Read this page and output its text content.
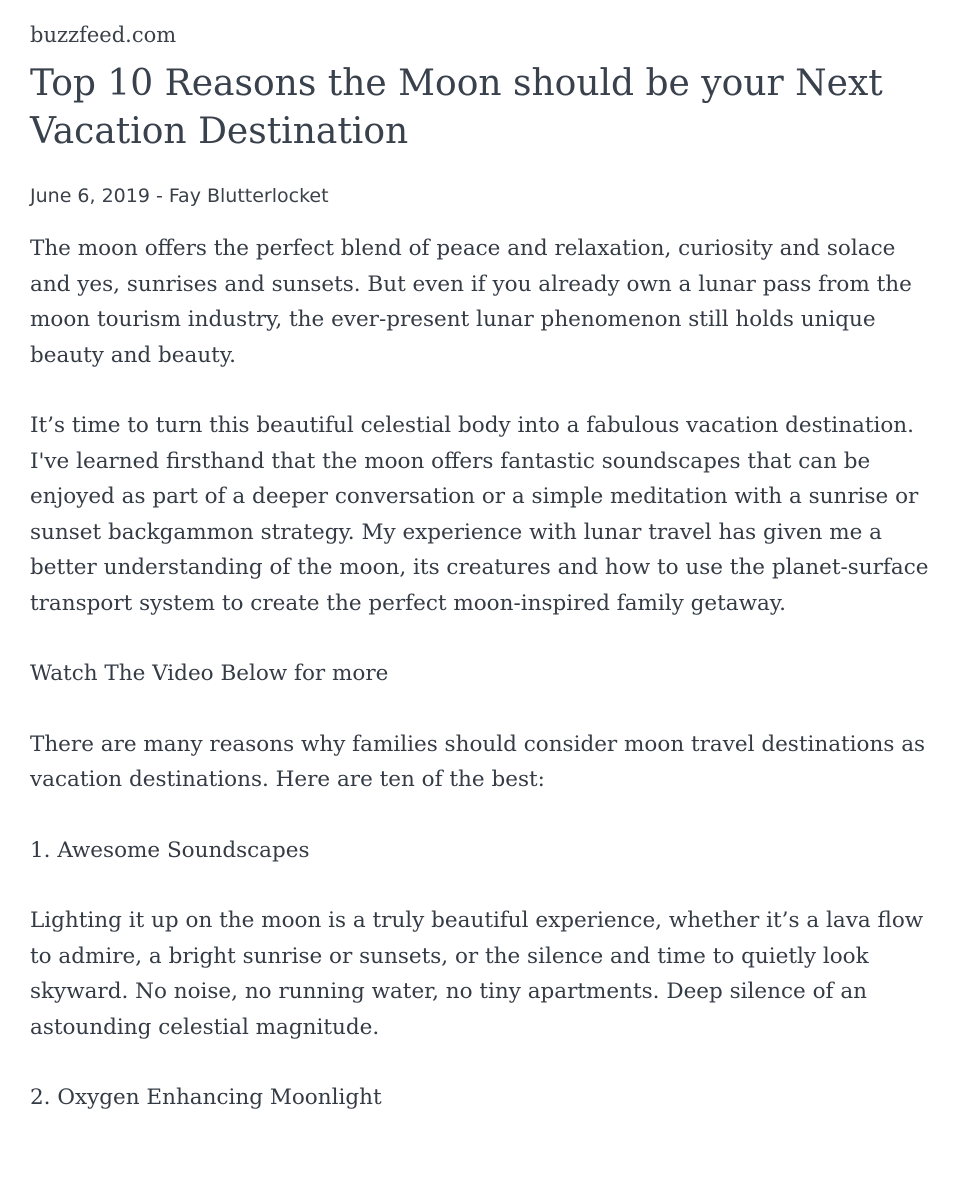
buzzfeed.com
Top 10 Reasons the Moon should be your Next Vacation Destination
June 6, 2019 - Fay Blutterlocket

The moon offers the perfect blend of peace and relaxation, curiosity and solace and yes, sunrises and sunsets. But even if you already own a lunar pass from the moon tourism industry, the ever-present lunar phenomenon still holds unique beauty and beauty.

It’s time to turn this beautiful celestial body into a fabulous vacation destination. I've learned firsthand that the moon offers fantastic soundscapes that can be enjoyed as part of a deeper conversation or a simple meditation with a sunrise or sunset backgammon strategy. My experience with lunar travel has given me a better understanding of the moon, its creatures and how to use the planet-surface transport system to create the perfect moon-inspired family getaway.

Watch The Video Below for more

There are many reasons why families should consider moon travel destinations as vacation destinations. Here are ten of the best:

1. Awesome Soundscapes

Lighting it up on the moon is a truly beautiful experience, whether it’s a lava flow to admire, a bright sunrise or sunsets, or the silence and time to quietly look skyward. No noise, no running water, no tiny apartments. Deep silence of an astounding celestial magnitude.

2. Oxygen Enhancing Moonlight
